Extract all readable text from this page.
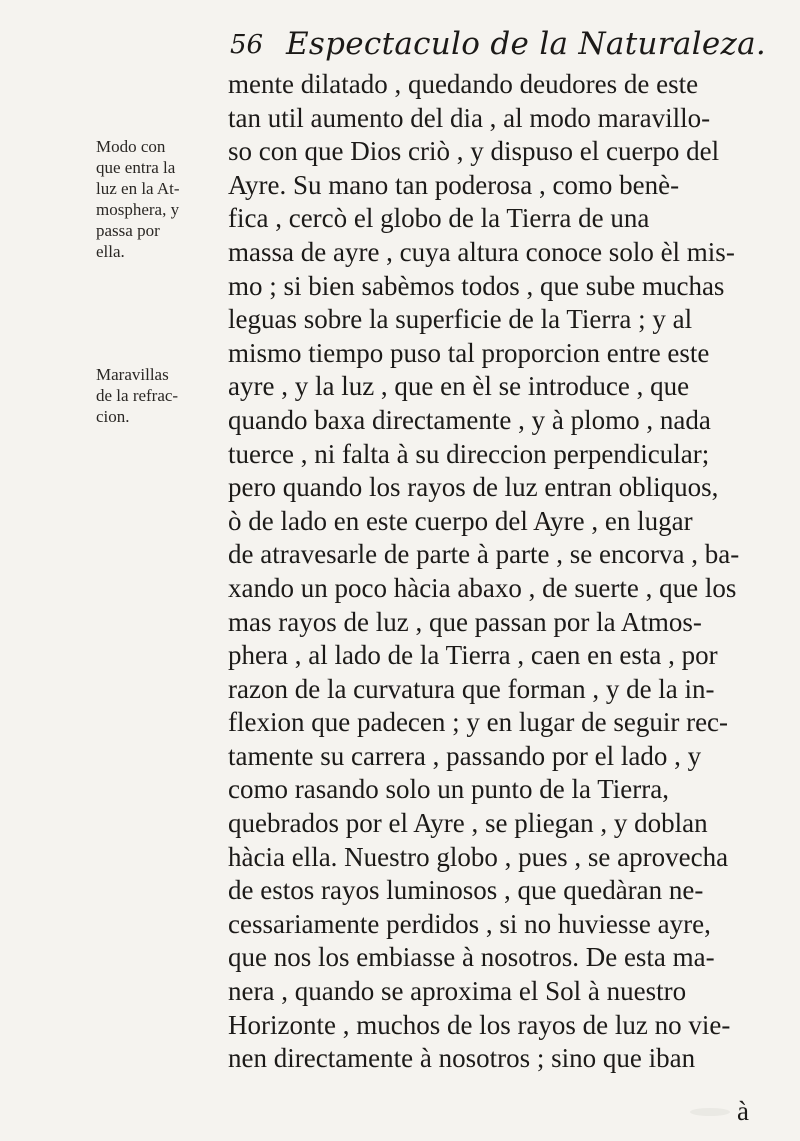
56 Espectaculo de la Naturaleza.
Modo con
que entra la
luz en la At-
mosphera, y
passa por
ella.
Maravillas
de la refrac-
cion.
mente dilatado , quedando deudores de este
tan util aumento del dia , al modo maravillo-
so con que Dios criò , y dispuso el cuerpo del
Ayre. Su mano tan poderosa , como benè-
fica , cercò el globo de la Tierra de una
massa de ayre , cuya altura conoce solo èl mis-
mo ; si bien sabèmos todos , que sube muchas
leguas sobre la superficie de la Tierra ; y al
mismo tiempo puso tal proporcion entre este
ayre , y la luz , que en èl se introduce , que
quando baxa directamente , y à plomo , nada
tuerce , ni falta à su direccion perpendicular;
pero quando los rayos de luz entran obliquos,
ò de lado en este cuerpo del Ayre , en lugar
de atravesarle de parte à parte , se encorva , ba-
xando un poco hàcia abaxo , de suerte , que los
mas rayos de luz , que passan por la Atmos-
phera , al lado de la Tierra , caen en esta , por
razon de la curvatura que forman , y de la in-
flexion que padecen ; y en lugar de seguir rec-
tamente su carrera , passando por el lado , y
como rasando solo un punto de la Tierra,
quebrados por el Ayre , se pliegan , y doblan
hàcia ella. Nuestro globo , pues , se aprovecha
de estos rayos luminosos , que quedàran ne-
cessariamente perdidos , si no huviesse ayre,
que nos los embiasse à nosotros. De esta ma-
nera , quando se aproxima el Sol à nuestro
Horizonte , muchos de los rayos de luz no vie-
nen directamente à nosotros ; sino que iban
à
